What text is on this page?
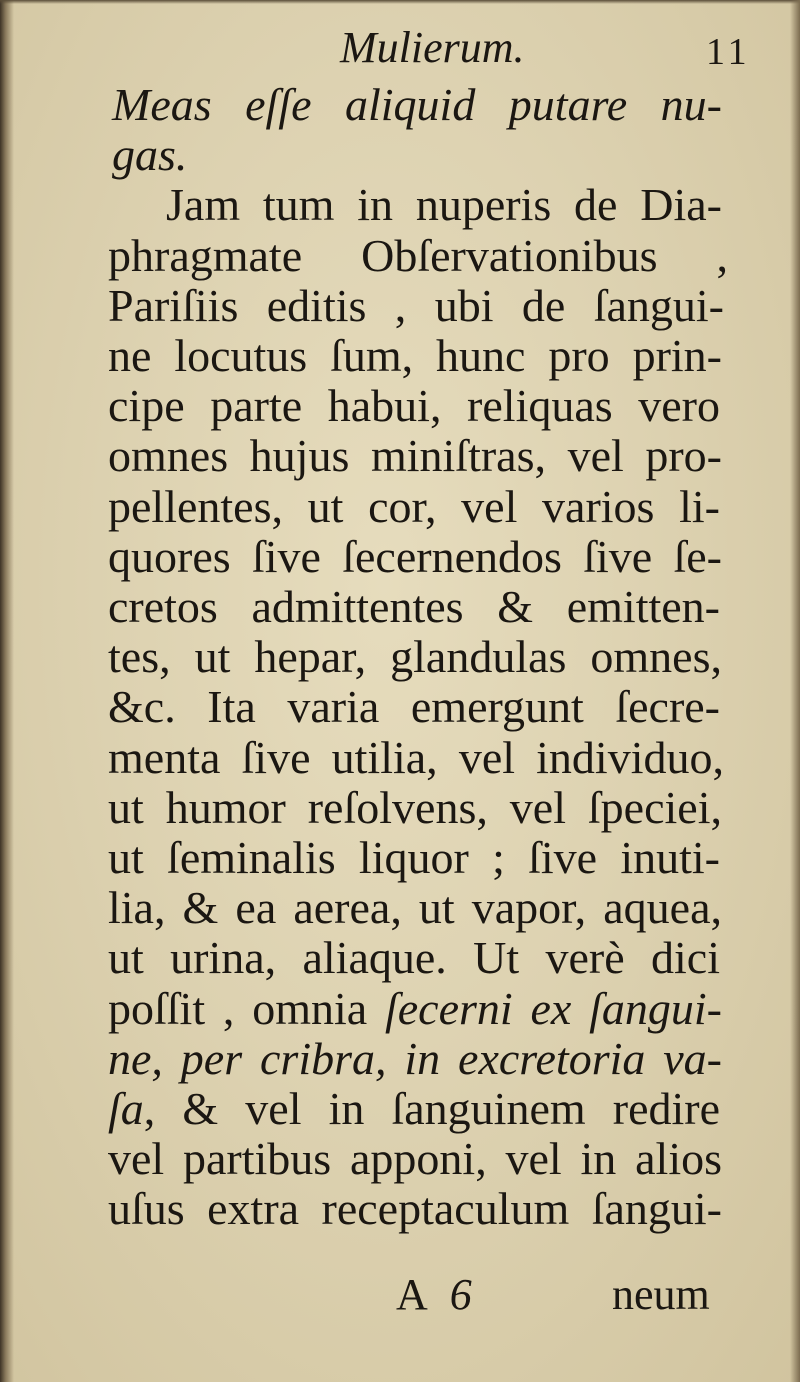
Mulierum.	11
Meas eſſe aliquid putare nu-
gas.
Jam tum in nuperis de Dia-
phragmate Obſervationibus ,
Pariſiis editis , ubi de ſangui-
ne locutus ſum, hunc pro prin-
cipe parte habui, reliquas vero
omnes hujus miniſtras, vel pro-
pellentes, ut cor, vel varios li-
quores ſive ſecernendos ſive ſe-
cretos admittentes & emitten-
tes, ut hepar, glandulas omnes,
&c. Ita varia emergunt ſecre-
menta ſive utilia, vel individuo,
ut humor reſolvens, vel ſpeciei,
ut ſeminalis liquor ; ſive inuti-
lia, & ea aerea, ut vapor, aquea,
ut urina, aliaque. Ut verè dici
poſſit , omnia ſecerni ex ſangui-
ne, per cribra, in excretoria va-
ſa, & vel in ſanguinem redire
vel partibus apponi, vel in alios
uſus extra receptaculum ſangui-
A 6	neum
